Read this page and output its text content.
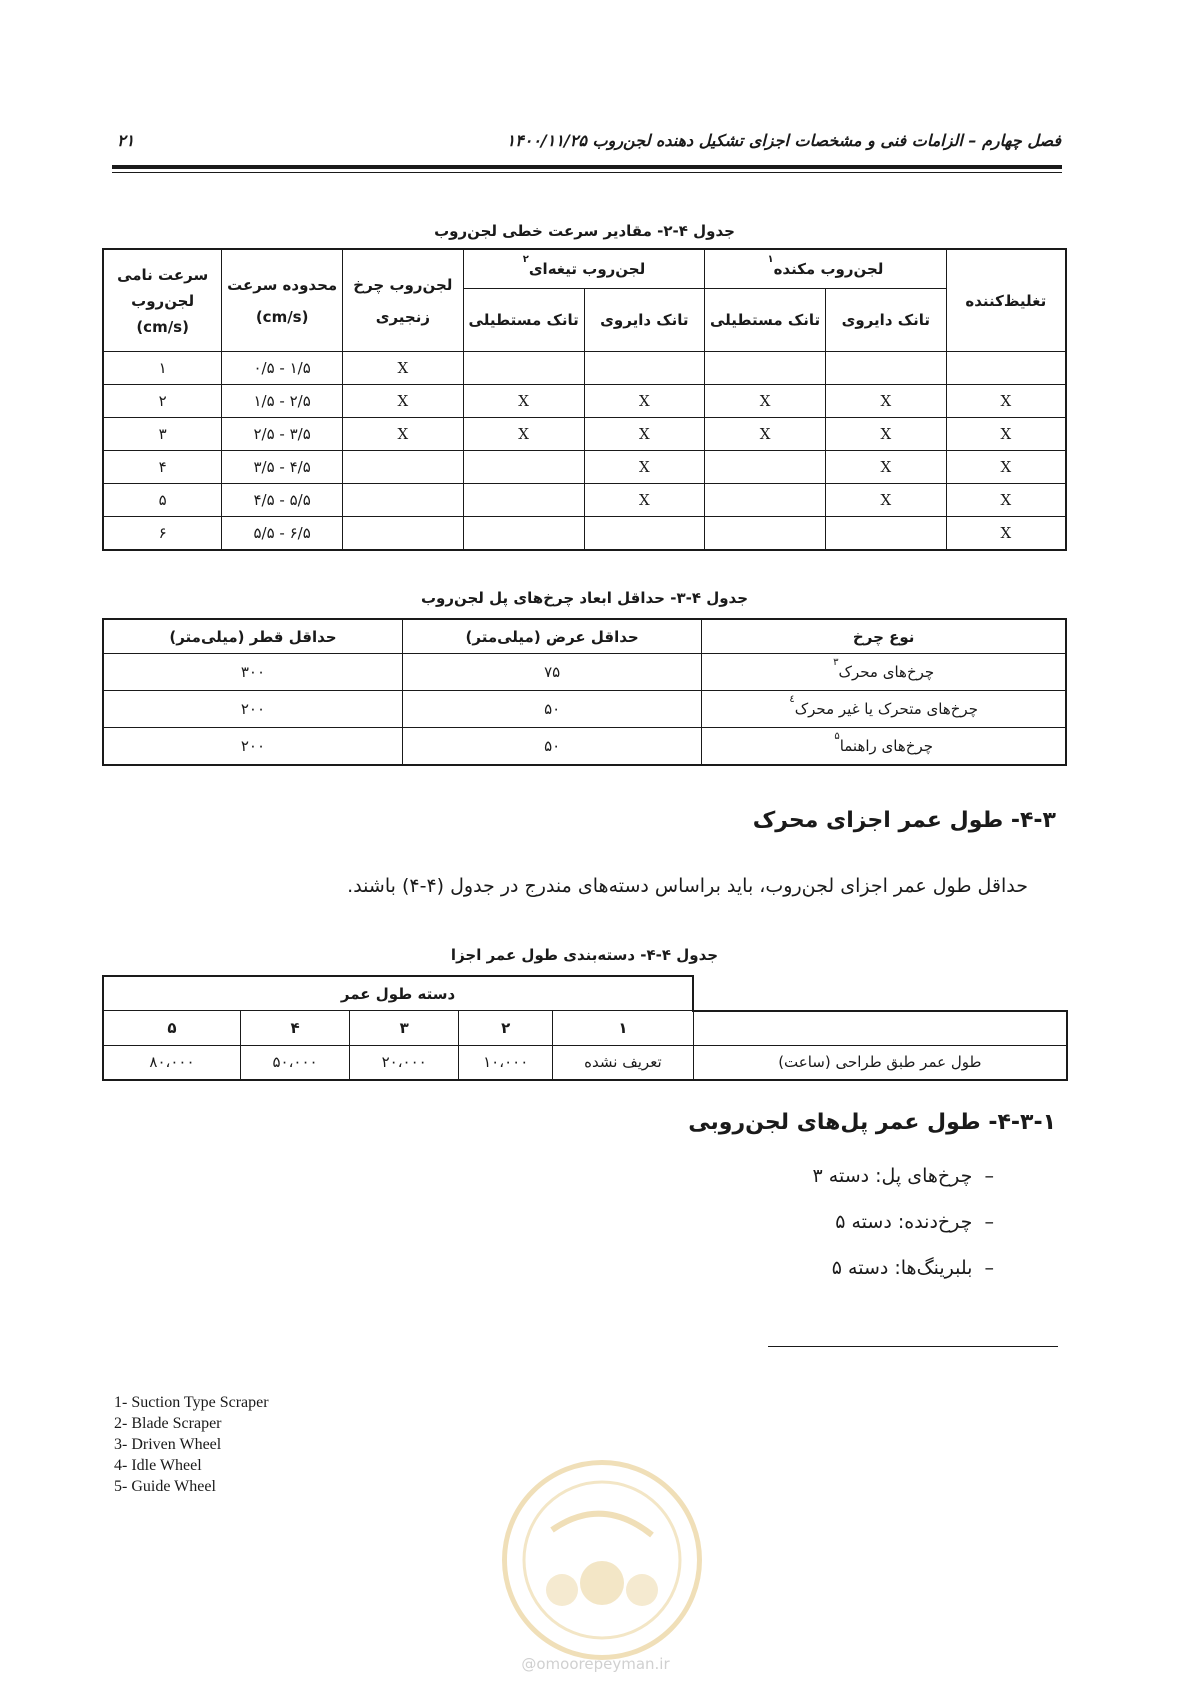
فصل چهارم – الزامات فنی و مشخصات اجزای تشکیل دهنده لجن‌روب ۱۴۰۰/۱۱/۲۵
۲۱
جدول ۴-۲- مقادیر سرعت خطی لجن‌روب
تغلیظ‌کننده	لجن‌روب مکنده$^۱$		لجن‌روب تیغه‌ای$^۲$		لجن‌روب چرخ زنجیری	محدوده سرعت (cm/s)	سرعت نامی لجن‌روب (cm/s)
	تانک دایروی	تانک مستطیلی	تانک دایروی	تانک مستطیلی			
					X	۰/۵ - ۱/۵	۱
X	X	X	X	X	X	۱/۵ - ۲/۵	۲
X	X	X	X	X	X	۲/۵ - ۳/۵	۳
X	X		X			۳/۵ - ۴/۵	۴
X	X		X			۴/۵ - ۵/۵	۵
X						۵/۵ - ۶/۵	۶
جدول ۴-۳- حداقل ابعاد چرخ‌های پل لجن‌روب
نوع چرخ	حداقل عرض (میلی‌متر)	حداقل قطر (میلی‌متر)
چرخ‌های محرک$^۳$	۷۵	۳۰۰
چرخ‌های متحرک یا غیر محرک$^٤$	۵۰	۲۰۰
چرخ‌های راهنما$^۵$	۵۰	۲۰۰
۴-۳- طول عمر اجزای محرک
حداقل طول عمر اجزای لجن‌روب، باید براساس دسته‌های مندرج در جدول (۴-۴) باشند.
جدول ۴-۴- دسته‌بندی طول عمر اجزا
	دسته طول عمر				
	۱	۲	۳	۴	۵
طول عمر طبق طراحی (ساعت)	تعریف نشده	۱۰،۰۰۰	۲۰،۰۰۰	۵۰،۰۰۰	۸۰،۰۰۰
۴-۳-۱- طول عمر پل‌های لجن‌روبی
–  چرخ‌های پل: دسته ۳
–  چرخ‌دنده: دسته ۵
–  بلبرینگ‌ها: دسته ۵
1- Suction Type Scraper
2- Blade Scraper
3- Driven Wheel
4- Idle Wheel
5- Guide Wheel
@omoorepeyman.ir
